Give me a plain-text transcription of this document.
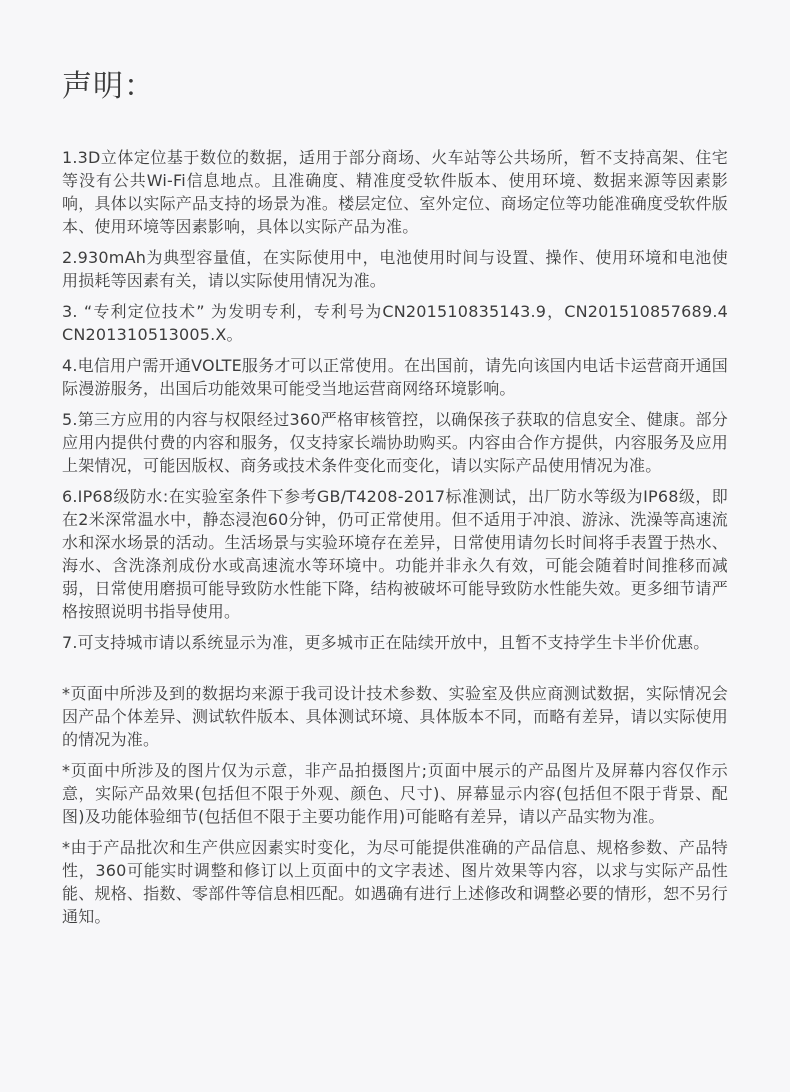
声明：

1.3D立体定位基于数位的数据，适用于部分商场、火车站等公共场所，暂不支持高架、住宅等没有公共Wi-Fi信息地点。且准确度、精准度受软件版本、使用环境、数据来源等因素影响，具体以实际产品支持的场景为准。楼层定位、室外定位、商场定位等功能准确度受软件版本、使用环境等因素影响，具体以实际产品为准。

2.930mAh为典型容量值，在实际使用中，电池使用时间与设置、操作、使用环境和电池使用损耗等因素有关，请以实际使用情况为准。

3. “专利定位技术” 为发明专利，专利号为CN201510835143.9，CN201510857689.4 CN201310513005.X。

4.电信用户需开通VOLTE服务才可以正常使用。在出国前，请先向该国内电话卡运营商开通国际漫游服务，出国后功能效果可能受当地运营商网络环境影响。

5.第三方应用的内容与权限经过360严格审核管控，以确保孩子获取的信息安全、健康。部分应用内提供付费的内容和服务，仅支持家长端协助购买。内容由合作方提供，内容服务及应用上架情况，可能因版权、商务或技术条件变化而变化，请以实际产品使用情况为准。

6.IP68级防水:在实验室条件下参考GB/T4208-2017标准测试，出厂防水等级为IP68级，即在2米深常温水中，静态浸泡60分钟，仍可正常使用。但不适用于冲浪、游泳、洗澡等高速流水和深水场景的活动。生活场景与实验环境存在差异，日常使用请勿长时间将手表置于热水、海水、含洗涤剂成份水或高速流水等环境中。功能并非永久有效，可能会随着时间推移而减弱，日常使用磨损可能导致防水性能下降，结构被破坏可能导致防水性能失效。更多细节请严格按照说明书指导使用。

7.可支持城市请以系统显示为准，更多城市正在陆续开放中，且暂不支持学生卡半价优惠。

*页面中所涉及到的数据均来源于我司设计技术参数、实验室及供应商测试数据，实际情况会因产品个体差异、测试软件版本、具体测试环境、具体版本不同，而略有差异，请以实际使用的情况为准。

*页面中所涉及的图片仅为示意，非产品拍摄图片;页面中展示的产品图片及屏幕内容仅作示意，实际产品效果(包括但不限于外观、颜色、尺寸)、屏幕显示内容(包括但不限于背景、配图)及功能体验细节(包括但不限于主要功能作用)可能略有差异，请以产品实物为准。

*由于产品批次和生产供应因素实时变化，为尽可能提供准确的产品信息、规格参数、产品特性，360可能实时调整和修订以上页面中的文字表述、图片效果等内容，以求与实际产品性能、规格、指数、零部件等信息相匹配。如遇确有进行上述修改和调整必要的情形，恕不另行通知。
